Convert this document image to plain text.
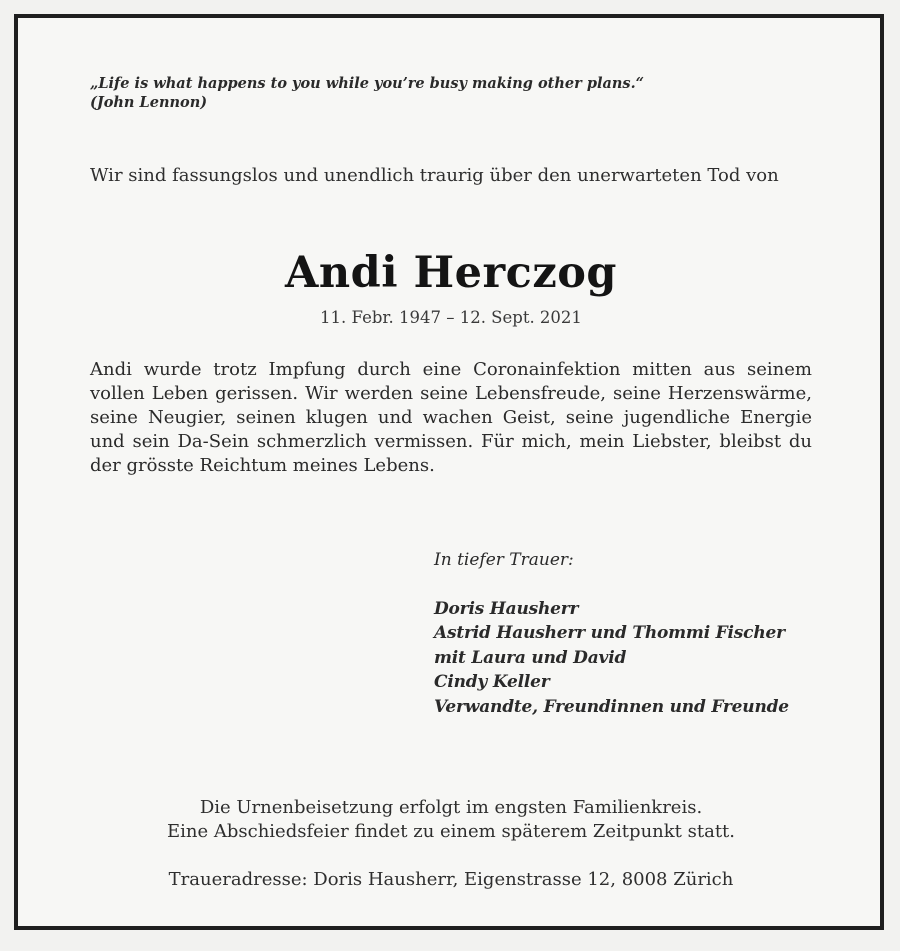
„Life is what happens to you while you’re busy making other plans.“
(John Lennon)
Wir sind fassungslos und unendlich traurig über den unerwarteten Tod von
Andi Herczog
11. Febr. 1947 – 12. Sept. 2021
Andi wurde trotz Impfung durch eine Coronainfektion mitten aus seinem vollen Leben gerissen. Wir werden seine Lebensfreude, seine Herzenswärme, seine Neugier, seinen klugen und wachen Geist, seine jugendliche Energie und sein Da-Sein schmerzlich vermissen. Für mich, mein Liebster, bleibst du der grösste Reichtum meines Lebens.
In tiefer Trauer:
Doris Hausherr
Astrid Hausherr und Thommi Fischer
mit Laura und David
Cindy Keller
Verwandte, Freundinnen und Freunde
Die Urnenbeisetzung erfolgt im engsten Familienkreis.
Eine Abschiedsfeier findet zu einem späterem Zeitpunkt statt.
Traueradresse: Doris Hausherr, Eigenstrasse 12, 8008 Zürich
